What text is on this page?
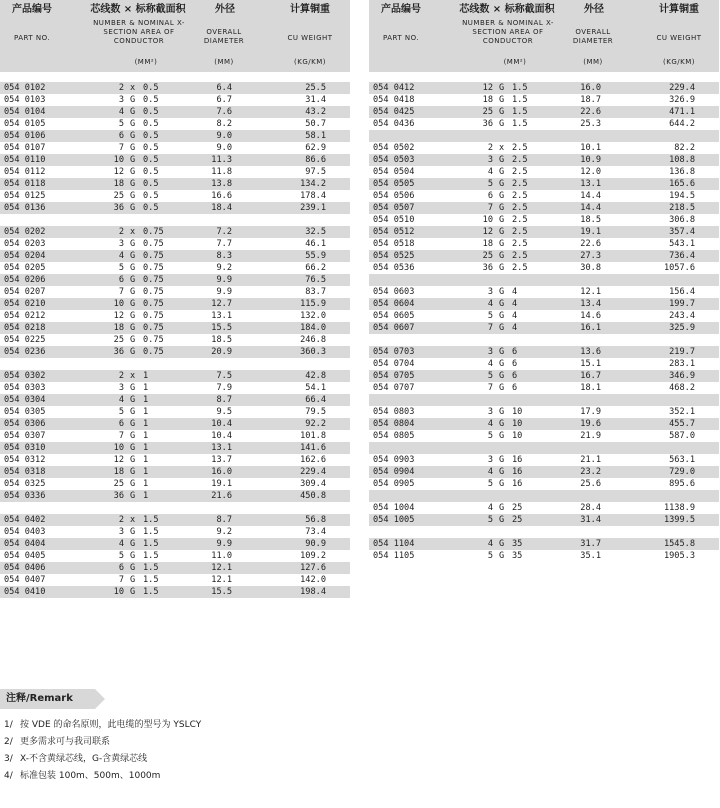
产品编号
PART NO.
芯线数 × 标称截面积
NUMBER & NOMINAL X-SECTION AREA OF CONDUCTOR
(MM²)
外径
OVERALL DIAMETER
(MM)
计算铜重
CU WEIGHT
(KG/KM)
054 0102	2 x 0.5	6.4	25.5
054 0103	3 G 0.5	6.7	31.4
054 0104	4 G 0.5	7.6	43.2
054 0105	5 G 0.5	8.2	50.7
054 0106	6 G 0.5	9.0	58.1
054 0107	7 G 0.5	9.0	62.9
054 0110	10 G 0.5	11.3	86.6
054 0112	12 G 0.5	11.8	97.5
054 0118	18 G 0.5	13.8	134.2
054 0125	25 G 0.5	16.6	178.4
054 0136	36 G 0.5	18.4	239.1
054 0202	2 x 0.75	7.2	32.5
054 0203	3 G 0.75	7.7	46.1
054 0204	4 G 0.75	8.3	55.9
054 0205	5 G 0.75	9.2	66.2
054 0206	6 G 0.75	9.9	76.5
054 0207	7 G 0.75	9.9	83.7
054 0210	10 G 0.75	12.7	115.9
054 0212	12 G 0.75	13.1	132.0
054 0218	18 G 0.75	15.5	184.0
054 0225	25 G 0.75	18.5	246.8
054 0236	36 G 0.75	20.9	360.3
054 0302	2 x 1	7.5	42.8
054 0303	3 G 1	7.9	54.1
054 0304	4 G 1	8.7	66.4
054 0305	5 G 1	9.5	79.5
054 0306	6 G 1	10.4	92.2
054 0307	7 G 1	10.4	101.8
054 0310	10 G 1	13.1	141.6
054 0312	12 G 1	13.7	162.6
054 0318	18 G 1	16.0	229.4
054 0325	25 G 1	19.1	309.4
054 0336	36 G 1	21.6	450.8
054 0402	2 x 1.5	8.7	56.8
054 0403	3 G 1.5	9.2	73.4
054 0404	4 G 1.5	9.9	90.9
054 0405	5 G 1.5	11.0	109.2
054 0406	6 G 1.5	12.1	127.6
054 0407	7 G 1.5	12.1	142.0
054 0410	10 G 1.5	15.5	198.4
产品编号
PART NO.
芯线数 × 标称截面积
NUMBER & NOMINAL X-SECTION AREA OF CONDUCTOR
(MM²)
外径
OVERALL DIAMETER
(MM)
计算铜重
CU WEIGHT
(KG/KM)
054 0412	12 G 1.5	16.0	229.4
054 0418	18 G 1.5	18.7	326.9
054 0425	25 G 1.5	22.6	471.1
054 0436	36 G 1.5	25.3	644.2
054 0502	2 x 2.5	10.1	82.2
054 0503	3 G 2.5	10.9	108.8
054 0504	4 G 2.5	12.0	136.8
054 0505	5 G 2.5	13.1	165.6
054 0506	6 G 2.5	14.4	194.5
054 0507	7 G 2.5	14.4	218.5
054 0510	10 G 2.5	18.5	306.8
054 0512	12 G 2.5	19.1	357.4
054 0518	18 G 2.5	22.6	543.1
054 0525	25 G 2.5	27.3	736.4
054 0536	36 G 2.5	30.8	1057.6
054 0603	3 G 4	12.1	156.4
054 0604	4 G 4	13.4	199.7
054 0605	5 G 4	14.6	243.4
054 0607	7 G 4	16.1	325.9
054 0703	3 G 6	13.6	219.7
054 0704	4 G 6	15.1	283.1
054 0705	5 G 6	16.7	346.9
054 0707	7 G 6	18.1	468.2
054 0803	3 G 10	17.9	352.1
054 0804	4 G 10	19.6	455.7
054 0805	5 G 10	21.9	587.0
054 0903	3 G 16	21.1	563.1
054 0904	4 G 16	23.2	729.0
054 0905	5 G 16	25.6	895.6
054 1004	4 G 25	28.4	1138.9
054 1005	5 G 25	31.4	1399.5
054 1104	4 G 35	31.7	1545.8
054 1105	5 G 35	35.1	1905.3
注释/Remark
1/ 按 VDE 的命名原则，此电缆的型号为 YSLCY
2/ 更多需求可与我司联系
3/ X-不含黄绿芯线，G-含黄绿芯线
4/ 标准包装 100m、500m、1000m
